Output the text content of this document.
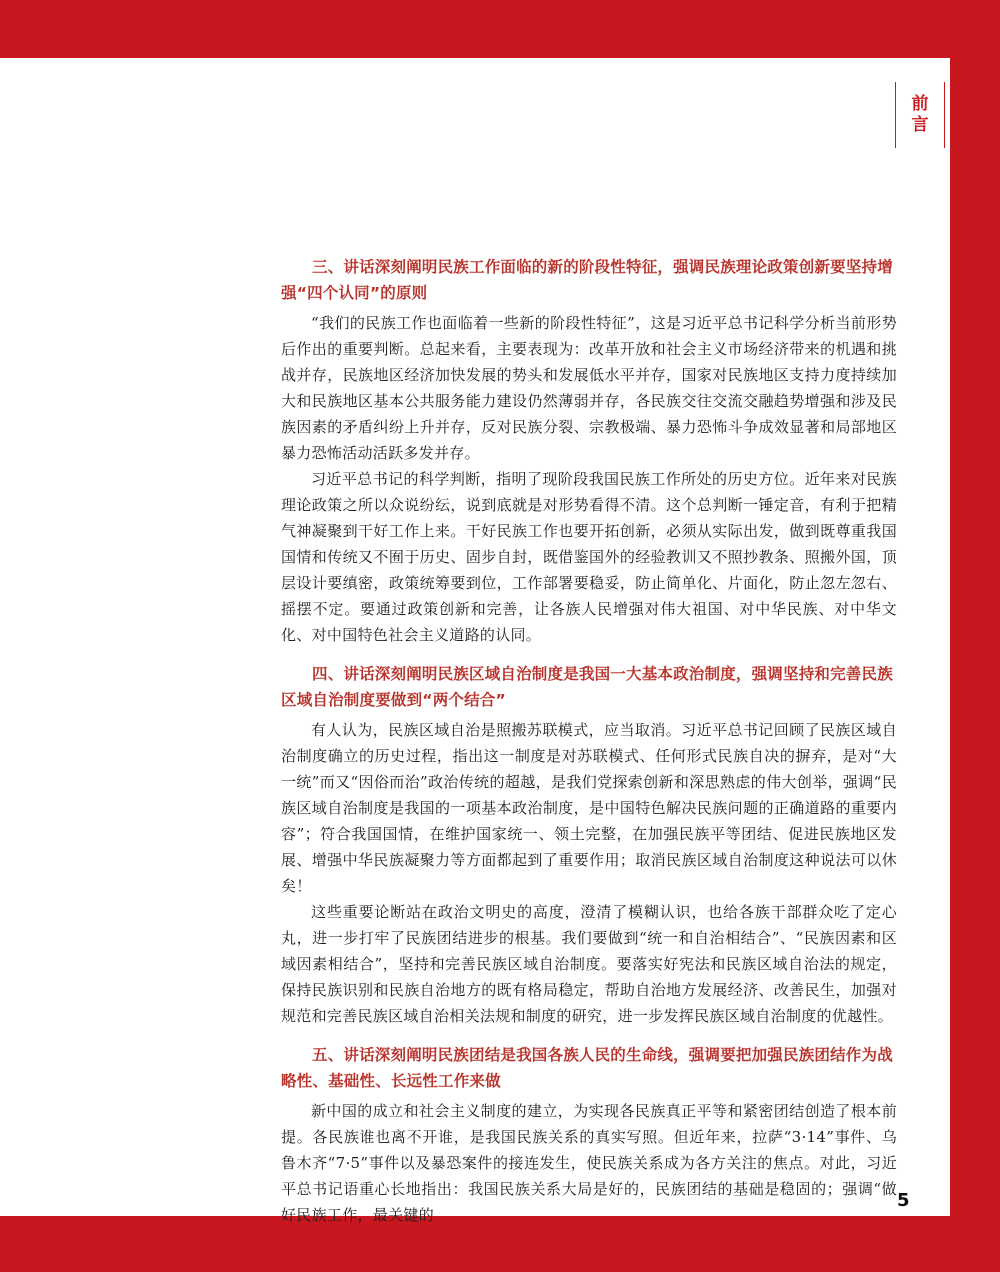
前
言

三、讲话深刻阐明民族工作面临的新的阶段性特征，强调民族理论政策创新要坚持增强“四个认同”的原则

“我们的民族工作也面临着一些新的阶段性特征”，这是习近平总书记科学分析当前形势后作出的重要判断。总起来看，主要表现为：改革开放和社会主义市场经济带来的机遇和挑战并存，民族地区经济加快发展的势头和发展低水平并存，国家对民族地区支持力度持续加大和民族地区基本公共服务能力建设仍然薄弱并存，各民族交往交流交融趋势增强和涉及民族因素的矛盾纠纷上升并存，反对民族分裂、宗教极端、暴力恐怖斗争成效显著和局部地区暴力恐怖活动活跃多发并存。

习近平总书记的科学判断，指明了现阶段我国民族工作所处的历史方位。近年来对民族理论政策之所以众说纷纭，说到底就是对形势看得不清。这个总判断一锤定音，有利于把精气神凝聚到干好工作上来。干好民族工作也要开拓创新，必须从实际出发，做到既尊重我国国情和传统又不囿于历史、固步自封，既借鉴国外的经验教训又不照抄教条、照搬外国，顶层设计要缜密，政策统筹要到位，工作部署要稳妥，防止简单化、片面化，防止忽左忽右、摇摆不定。要通过政策创新和完善，让各族人民增强对伟大祖国、对中华民族、对中华文化、对中国特色社会主义道路的认同。

四、讲话深刻阐明民族区域自治制度是我国一大基本政治制度，强调坚持和完善民族区域自治制度要做到“两个结合”

有人认为，民族区域自治是照搬苏联模式，应当取消。习近平总书记回顾了民族区域自治制度确立的历史过程，指出这一制度是对苏联模式、任何形式民族自决的摒弃，是对“大一统”而又“因俗而治”政治传统的超越，是我们党探索创新和深思熟虑的伟大创举，强调“民族区域自治制度是我国的一项基本政治制度，是中国特色解决民族问题的正确道路的重要内容”；符合我国国情，在维护国家统一、领土完整，在加强民族平等团结、促进民族地区发展、增强中华民族凝聚力等方面都起到了重要作用；取消民族区域自治制度这种说法可以休矣！

这些重要论断站在政治文明史的高度，澄清了模糊认识，也给各族干部群众吃了定心丸，进一步打牢了民族团结进步的根基。我们要做到“统一和自治相结合”、“民族因素和区域因素相结合”，坚持和完善民族区域自治制度。要落实好宪法和民族区域自治法的规定，保持民族识别和民族自治地方的既有格局稳定，帮助自治地方发展经济、改善民生，加强对规范和完善民族区域自治相关法规和制度的研究，进一步发挥民族区域自治制度的优越性。

五、讲话深刻阐明民族团结是我国各族人民的生命线，强调要把加强民族团结作为战略性、基础性、长远性工作来做

新中国的成立和社会主义制度的建立，为实现各民族真正平等和紧密团结创造了根本前提。各民族谁也离不开谁，是我国民族关系的真实写照。但近年来，拉萨“3·14”事件、乌鲁木齐“7·5”事件以及暴恐案件的接连发生，使民族关系成为各方关注的焦点。对此，习近平总书记语重心长地指出：我国民族关系大局是好的，民族团结的基础是稳固的；强调“做好民族工作，最关键的

5
